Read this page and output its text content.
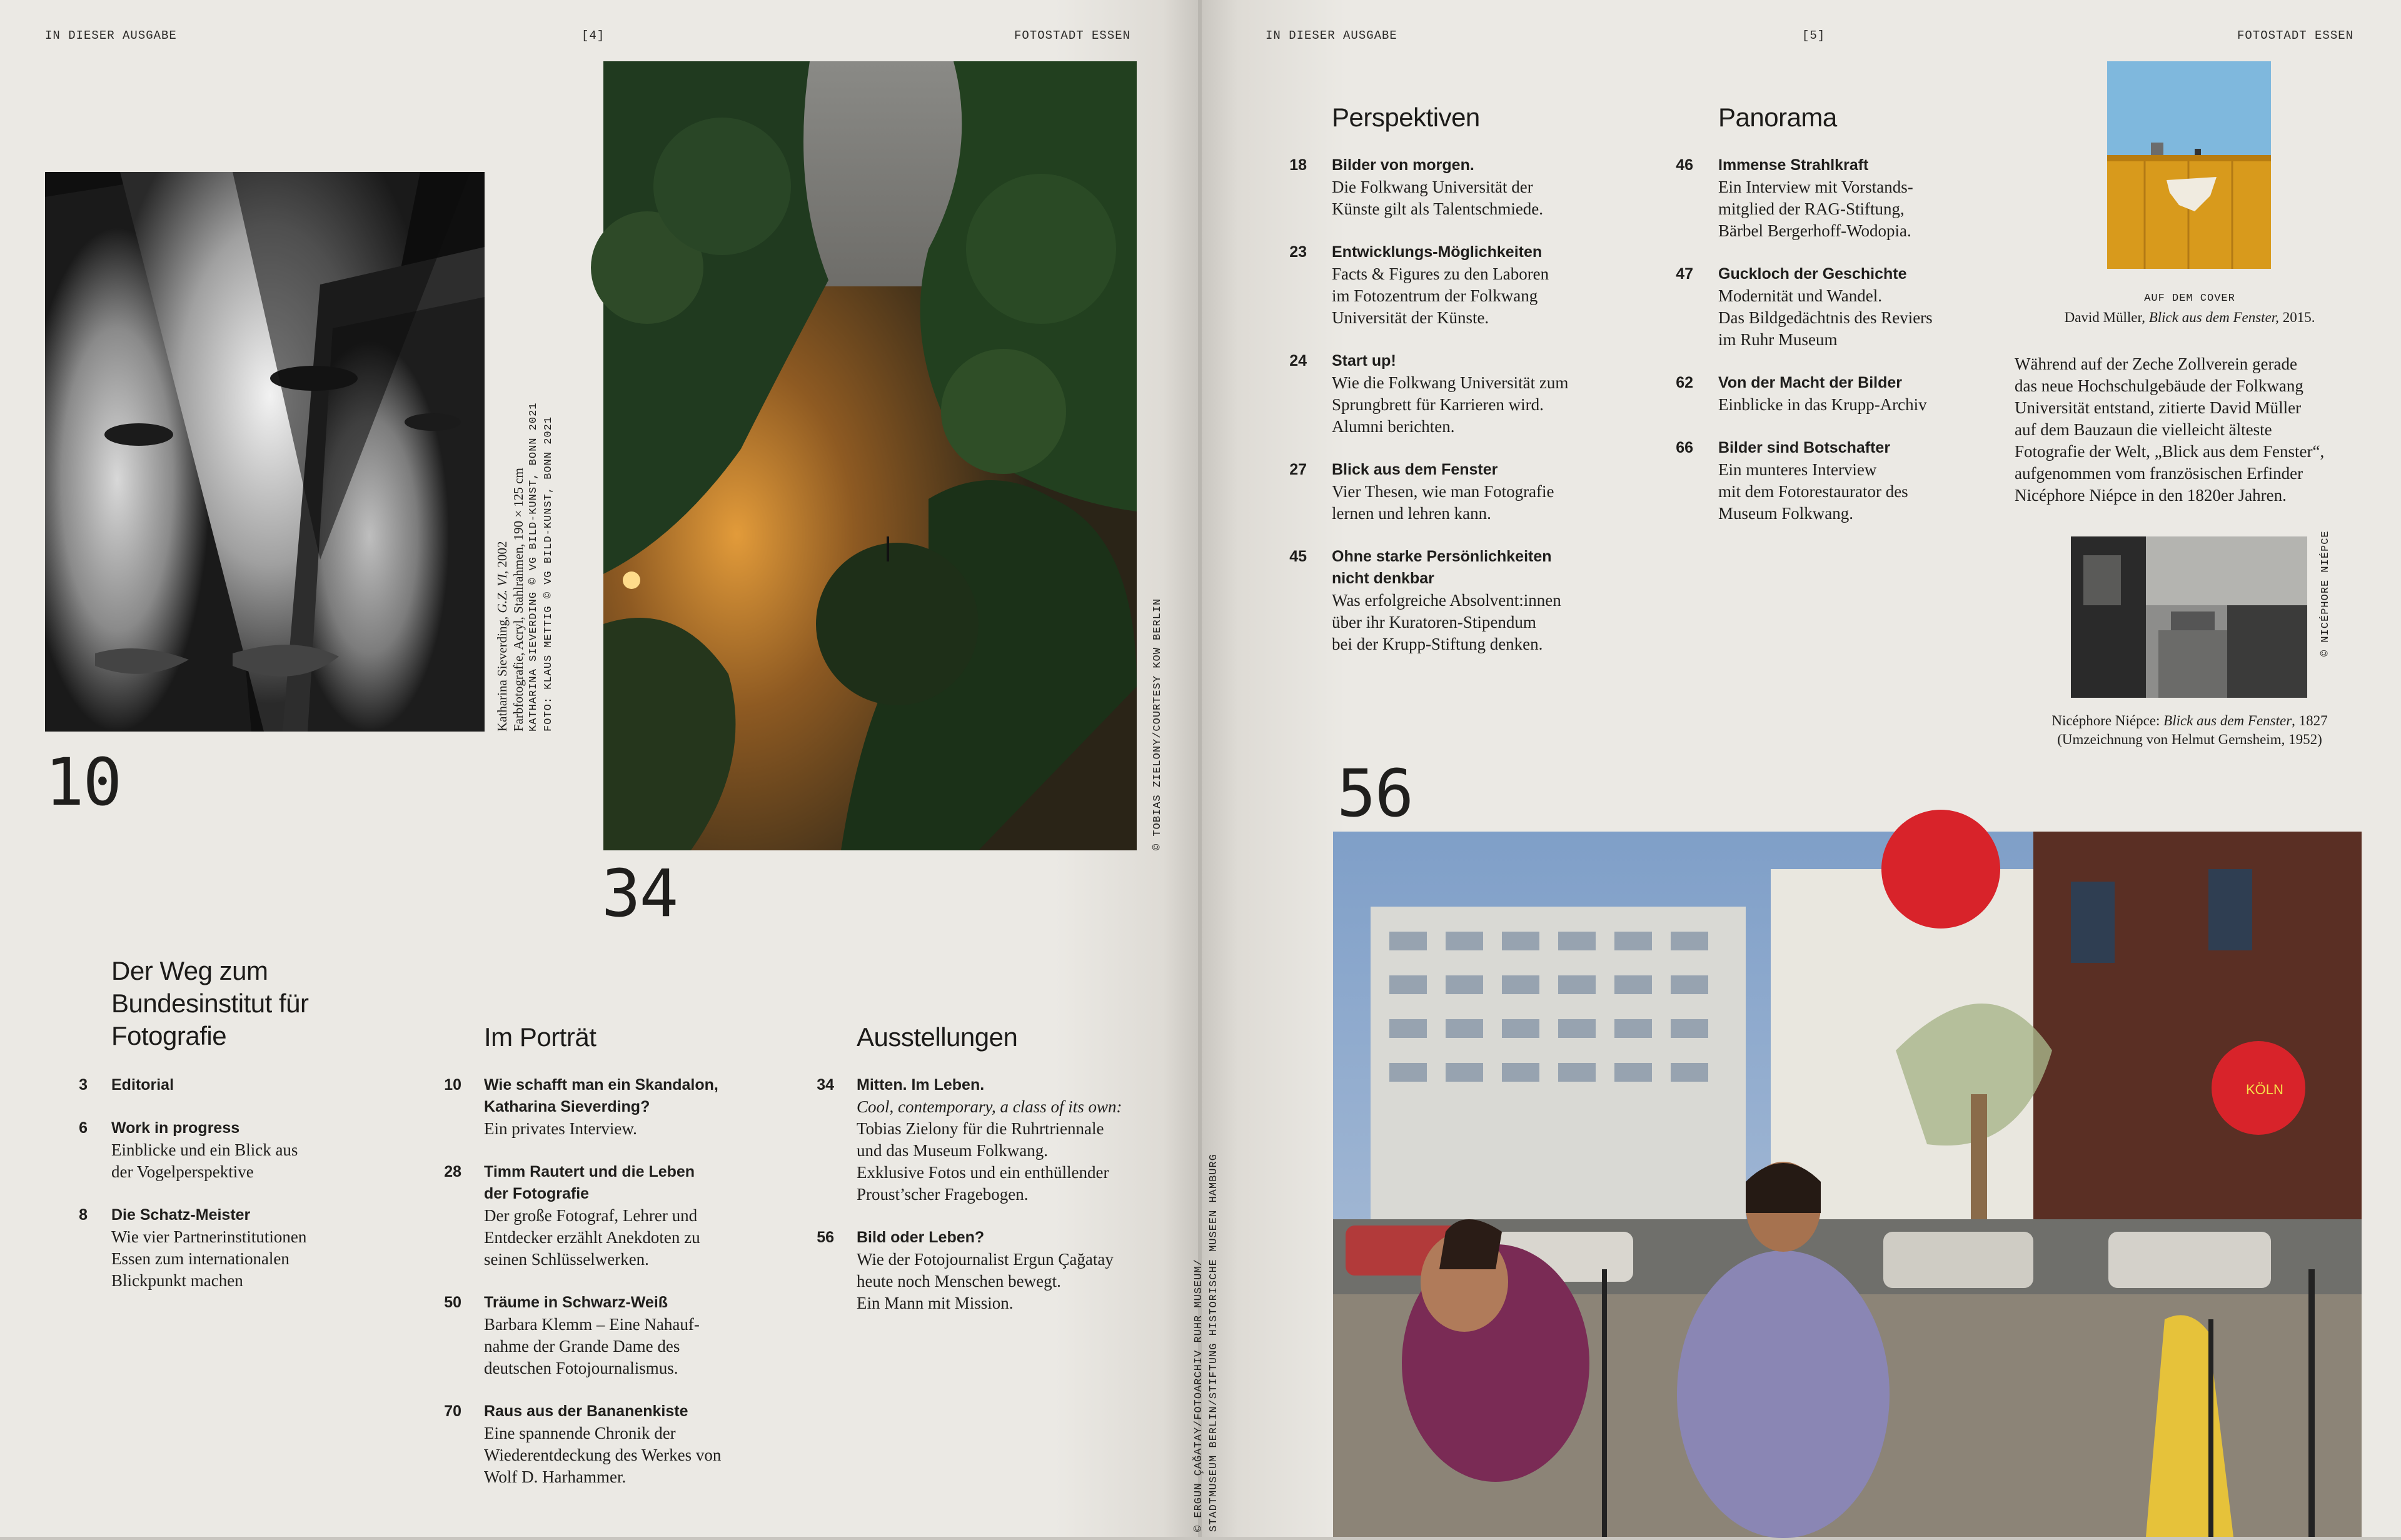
IN DIESER AUSGABE	[4]	FOTOSTADT ESSEN
Katharina Sieverding, G.Z. VI, 2002 Farbfotografie, Acryl, Stahlrahmen, 190 × 125 cm KATHARINA SIEVERDING © VG BILD-KUNST, BONN 2021 FOTO: KLAUS METTIG © VG BILD-KUNST, BONN 2021
10	© TOBIAS ZIELONY/COURTESY KOW BERLIN
34
Der Weg zum
Bundesinstitut für
Fotografie
3 Editorial
6 Work in progress
Einblicke und ein Blick aus
der Vogelperspektive
8 Die Schatz-Meister
Wie vier Partnerinstitutionen
Essen zum internationalen
Blickpunkt machen
Im Porträt
10 Wie schafft man ein Skandalon,
Katharina Sieverding?
Ein privates Interview.
28 Timm Rautert und die Leben
der Fotografie
Der große Fotograf, Lehrer und
Entdecker erzählt Anekdoten zu
seinen Schlüsselwerken.
50 Träume in Schwarz-Weiß
Barbara Klemm – Eine Nahauf-
nahme der Grande Dame des
deutschen Fotojournalismus.
70 Raus aus der Bananenkiste
Eine spannende Chronik der
Wiederentdeckung des Werkes von
Wolf D. Harhammer.
Ausstellungen
34 Mitten. Im Leben.
Cool, contemporary, a class of its own:
Tobias Zielony für die Ruhrtriennale
und das Museum Folkwang.
Exklusive Fotos und ein enthüllender
Proust’scher Fragebogen.
56 Bild oder Leben?
Wie der Fotojournalist Ergun Çağatay
heute noch Menschen bewegt.
Ein Mann mit Mission.
IN DIESER AUSGABE	[5]	FOTOSTADT ESSEN
Perspektiven
18 Bilder von morgen.
Die Folkwang Universität der
Künste gilt als Talentschmiede.
23 Entwicklungs-Möglichkeiten
Facts & Figures zu den Laboren
im Fotozentrum der Folkwang
Universität der Künste.
24 Start up!
Wie die Folkwang Universität zum
Sprungbrett für Karrieren wird.
Alumni berichten.
27 Blick aus dem Fenster
Vier Thesen, wie man Fotografie
lernen und lehren kann.
45 Ohne starke Persönlichkeiten
nicht denkbar
Was erfolgreiche Absolvent:innen
über ihr Kuratoren-Stipendum
bei der Krupp-Stiftung denken.
Panorama
46 Immense Strahlkraft
Ein Interview mit Vorstands-
mitglied der RAG-Stiftung,
Bärbel Bergerhoff-Wodopia.
47 Guckloch der Geschichte
Modernität und Wandel.
Das Bildgedächtnis des Reviers
im Ruhr Museum
62 Von der Macht der Bilder
Einblicke in das Krupp-Archiv
66 Bilder sind Botschafter
Ein munteres Interview
mit dem Fotorestaurator des
Museum Folkwang.
AUF DEM COVER
David Müller, Blick aus dem Fenster, 2015.
Während auf der Zeche Zollverein gerade
das neue Hochschulgebäude der Folkwang
Universität entstand, zitierte David Müller
auf dem Bauzaun die vielleicht älteste
Fotografie der Welt, „Blick aus dem Fenster“,
aufgenommen vom französischen Erfinder
Nicéphore Niépce in den 1820er Jahren.
© NICÉPHORE NIÉPCE
Nicéphore Niépce: Blick aus dem Fenster, 1827
(Umzeichnung von Helmut Gernsheim, 1952)
56
KÖLN
© ERGUN ÇAĞATAY/FOTOARCHIV RUHR MUSEUM/ STADTMUSEUM BERLIN/STIFTUNG HISTORISCHE MUSEEN HAMBURG
